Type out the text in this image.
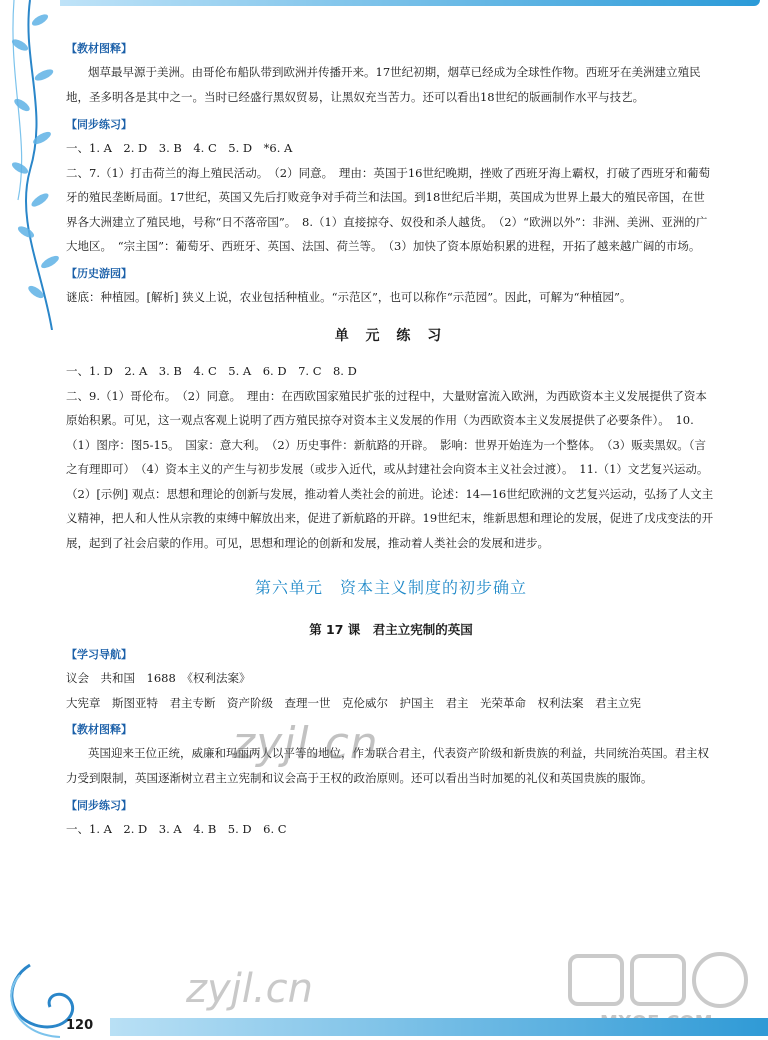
【教材图释】

烟草最早源于美洲。由哥伦布船队带到欧洲并传播开来。17世纪初期，烟草已经成为全球性作物。西班牙在美洲建立殖民地，圣多明各是其中之一。当时已经盛行黑奴贸易，让黑奴充当苦力。还可以看出18世纪的版画制作水平与技艺。

【同步练习】

一、1. A　2. D　3. B　4. C　5. D　*6. A

二、7.（1）打击荷兰的海上殖民活动。　（2）同意。　理由：英国于16世纪晚期，挫败了西班牙海上霸权，打破了西班牙和葡萄牙的殖民垄断局面。17世纪，英国又先后打败竞争对手荷兰和法国。到18世纪后半期，英国成为世界上最大的殖民帝国，在世界各大洲建立了殖民地，号称“日不落帝国”。　8.（1）直接掠夺、奴役和杀人越货。　（2）“欧洲以外”：非洲、美洲、亚洲的广大地区。　“宗主国”：葡萄牙、西班牙、英国、法国、荷兰等。　（3）加快了资本原始积累的进程，开拓了越来越广阔的市场。

【历史游园】

谜底：种植园。[解析] 狭义上说，农业包括种植业。“示范区”，也可以称作“示范园”。因此，可解为“种植园”。

单 元 练 习

一、1. D　2. A　3. B　4. C　5. A　6. D　7. C　8. D

二、9.（1）哥伦布。　（2）同意。　理由：在西欧国家殖民扩张的过程中，大量财富流入欧洲，为西欧资本主义发展提供了资本原始积累。可见，这一观点客观上说明了西方殖民掠夺对资本主义发展的作用（为西欧资本主义发展提供了必要条件）。　10.（1）图序：图5-15。　国家：意大利。　（2）历史事件：新航路的开辟。　影响：世界开始连为一个整体。　（3）贩卖黑奴。（言之有理即可）　（4）资本主义的产生与初步发展（或步入近代，或从封建社会向资本主义社会过渡）。　11.（1）文艺复兴运动。　（2）[示例] 观点：思想和理论的创新与发展，推动着人类社会的前进。论述：14—16世纪欧洲的文艺复兴运动，弘扬了人文主义精神，把人和人性从宗教的束缚中解放出来，促进了新航路的开辟。19世纪末，维新思想和理论的发展，促进了戊戌变法的开展，起到了社会启蒙的作用。可见，思想和理论的创新和发展，推动着人类社会的发展和进步。

第六单元　资本主义制度的初步确立
第 17 课　君主立宪制的英国
【学习导航】

议会　共和国　1688　《权利法案》

大宪章　斯图亚特　君主专断　资产阶级　查理一世　克伦威尔　护国主　君主　光荣革命　权利法案　君主立宪

【教材图释】

英国迎来王位正统，威廉和玛丽两人以平等的地位，作为联合君主，代表资产阶级和新贵族的利益，共同统治英国。君主权力受到限制，英国逐渐树立君主立宪制和议会高于王权的政治原则。还可以看出当时加冕的礼仪和英国贵族的服饰。

【同步练习】

一、1. A　2. D　3. A　4. B　5. D　6. C

zyjl.cn
zyjl.cn
120
